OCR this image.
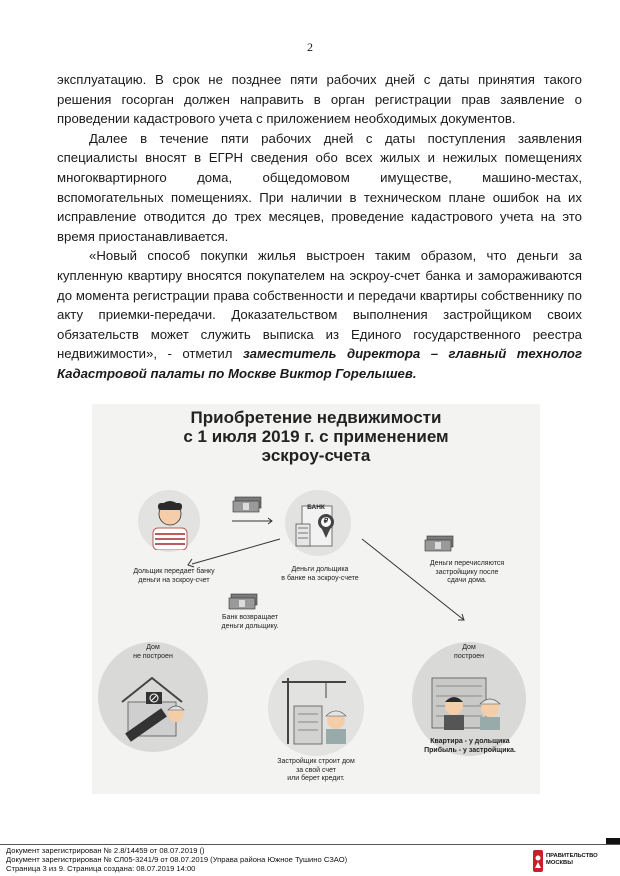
2

эксплуатацию. В срок не позднее пяти рабочих дней с даты принятия такого решения госорган должен направить в орган регистрации прав заявление о проведении кадастрового учета с приложением необходимых документов.

Далее в течение пяти рабочих дней с даты поступления заявления специалисты вносят в ЕГРН сведения обо всех жилых и нежилых помещениях многоквартирного дома, общедомовом имуществе, машино-местах, вспомогательных помещениях. При наличии в техническом плане ошибок на их исправление отводится до трех месяцев, проведение кадастрового учета на это время приостанавливается.

«Новый способ покупки жилья выстроен таким образом, что деньги за купленную квартиру вносятся покупателем на эскроу-счет банка и замораживаются до момента регистрации права собственности и передачи квартиры собственнику по акту приемки-передачи. Доказательством выполнения застройщиком своих обязательств может служить выписка из Единого государственного реестра недвижимости», - отметил заместитель директора – главный технолог Кадастровой палаты по Москве Виктор Горелышев.

Приобретение недвижимости
с 1 июля 2019 г. с применением
эскроу-счета
Дольщик передает банку
деньги на эскроу-счет
БАНК
₽
Деньги дольщика
в банке на эскроу-счете
Деньги перечисляются
застройщику после
сдачи дома.
Банк возвращает
деньги дольщику.
Дом
не построен
Застройщик строит дом
за свой счет
или берет кредит.
Дом
построен
Квартира - у дольщика
Прибыль - у застройщика.
Документ зарегистрирован № 2.8/14459 от 08.07.2019 ()
Документ зарегистрирован № СЛ05-3241/9 от 08.07.2019 (Управа района Южное Тушино СЗАО)
Страница 3 из 9. Страница создана: 08.07.2019 14:00
ПРАВИТЕЛЬСТВО
МОСКВЫ
